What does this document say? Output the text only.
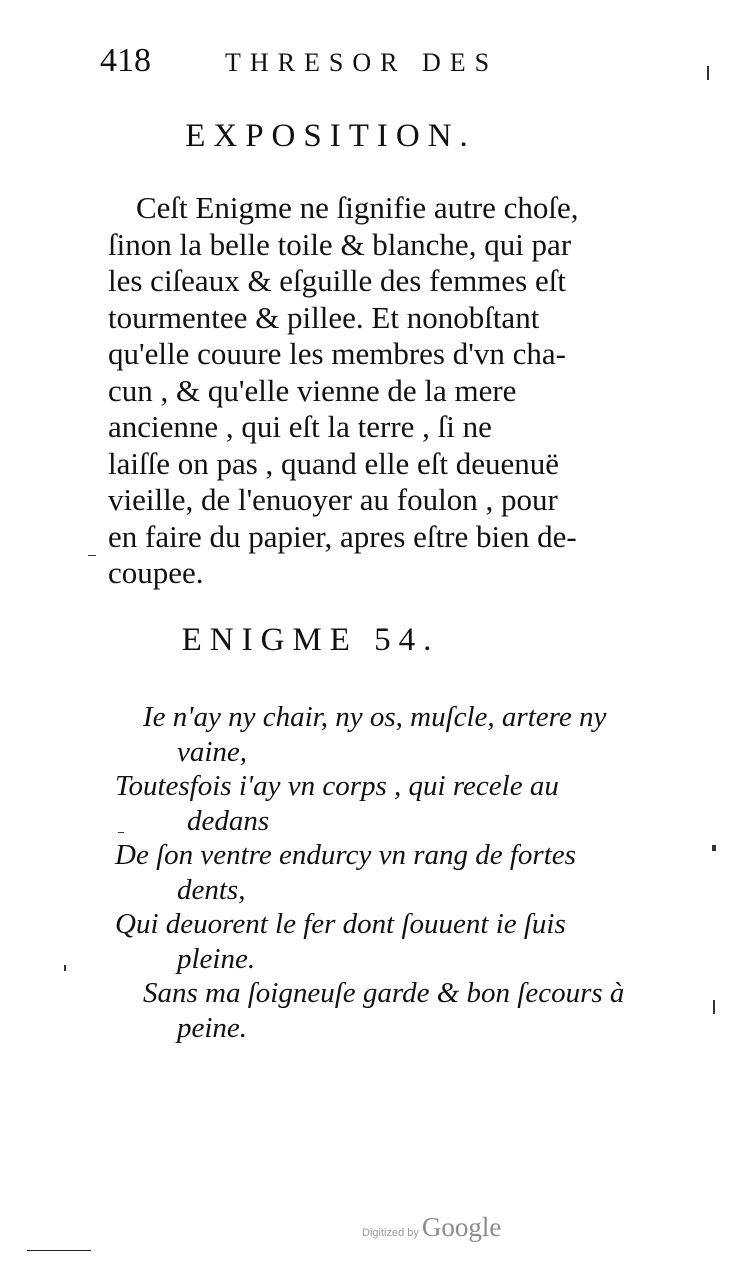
418	THRESOR DES
EXPOSITION.
Ceſt Enigme ne ſignifie autre choſe,
ſinon la belle toile & blanche, qui par
les ciſeaux & eſguille des femmes eſt
tourmentee & pillee. Et nonobſtant
qu'elle couure les membres d'vn cha-
cun , & qu'elle vienne de la mere
ancienne , qui eſt la terre , ſi ne
laiſſe on pas , quand elle eſt deuenuë
vieille, de l'enuoyer au foulon , pour
en faire du papier, apres eſtre bien de-
coupee.
ENIGME 54.
Ie n'ay ny chair, ny os, muſcle, artere ny
vaine,
Toutesfois i'ay vn corps , qui recele au
dedans
De ſon ventre endurcy vn rang de fortes
dents,
Qui deuorent le fer dont ſouuent ie ſuis
pleine.
Sans ma ſoigneuſe garde & bon ſecours à
peine.
Digitized by Google
